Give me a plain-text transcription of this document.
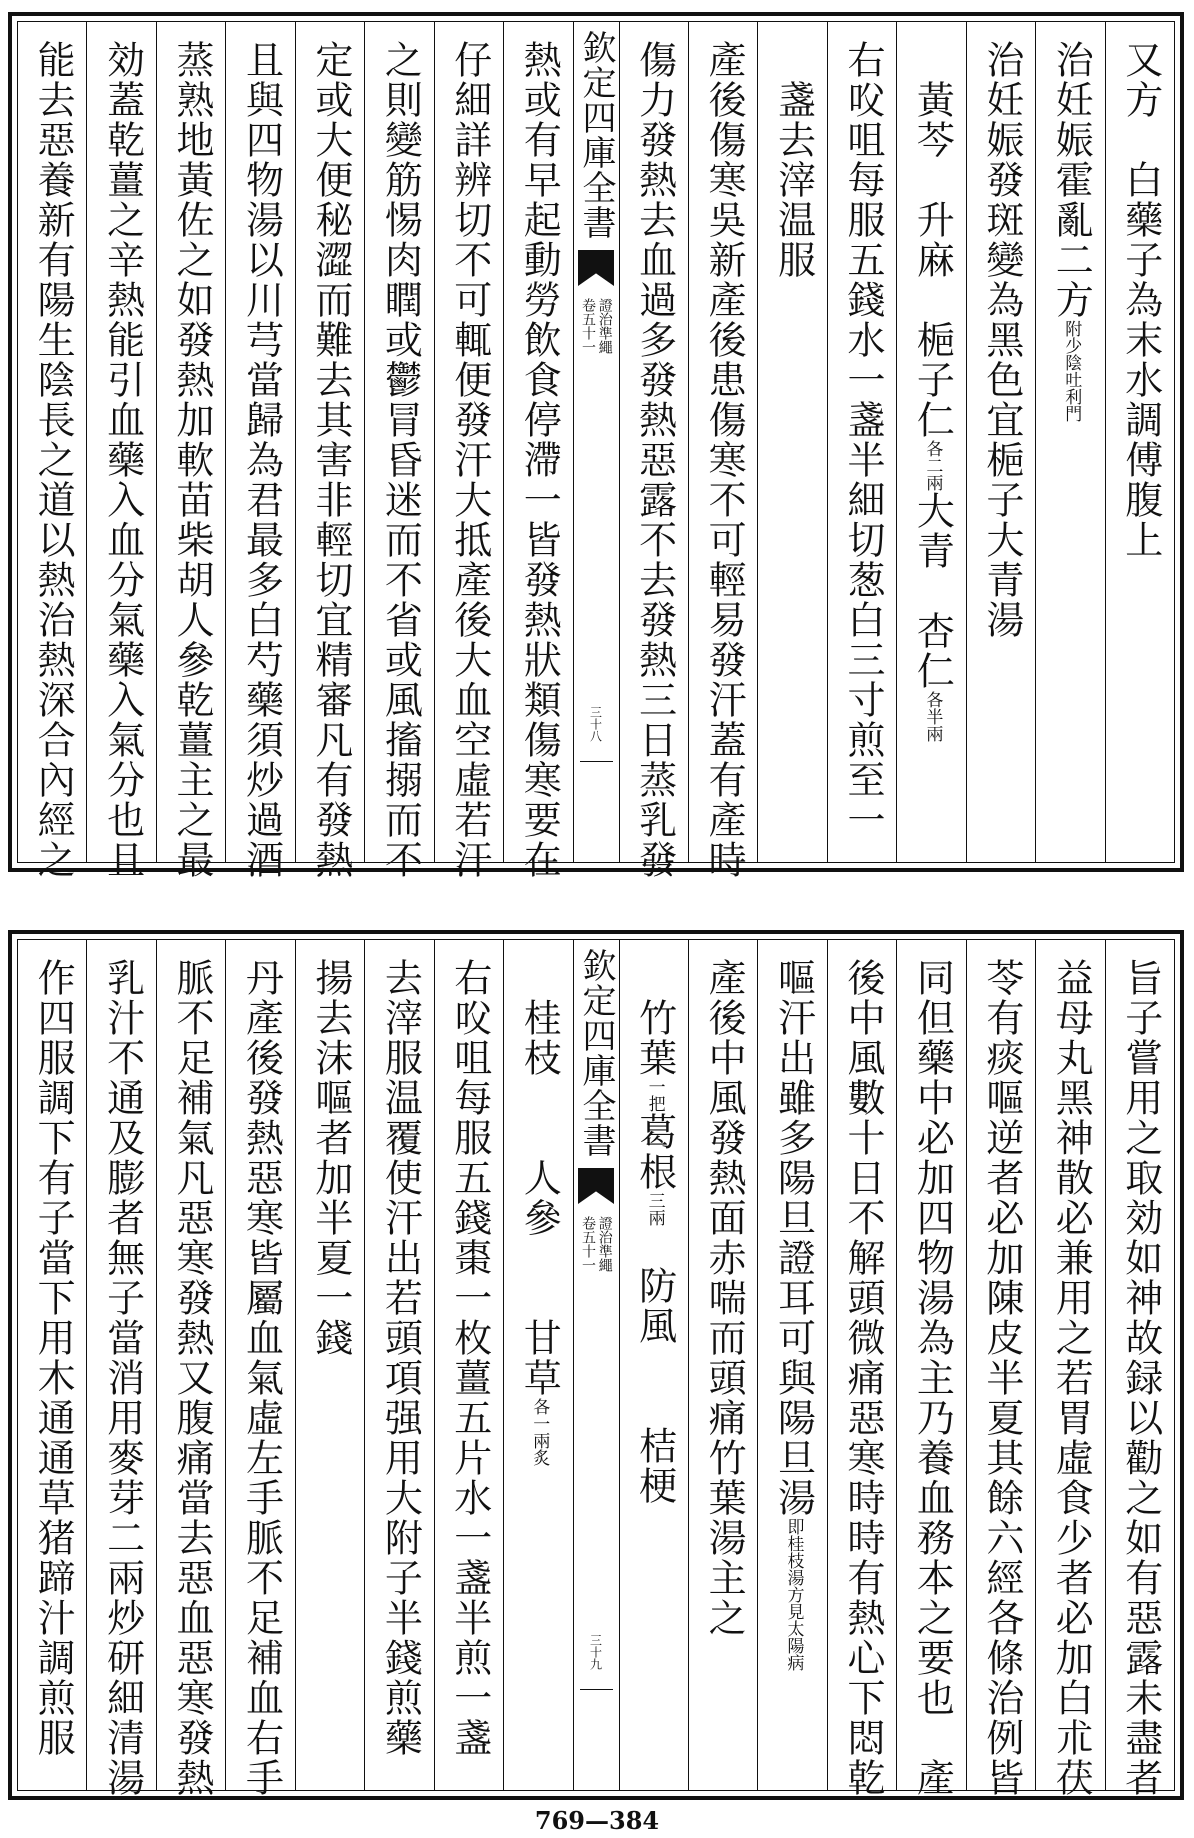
又方　白藥子為末水調傅腹上
治妊娠霍亂二方附少陰吐利門
治妊娠發斑變為黑色宜梔子大青湯
　黃芩　升麻　梔子仁各二兩大青　杏仁各半兩
右㕮咀每服五錢水一盞半細切葱白三寸煎至一
　盞去滓温服
產後傷寒吳新產後患傷寒不可輕易發汗蓋有產時
傷力發熱去血過多發熱惡露不去發熱三日蒸乳發
欽定四庫全書
證治準繩
卷五十一
三十八
熱或有早起動勞飲食停滯一皆發熱狀類傷寒要在
仔細詳辨切不可輒便發汗大抵產後大血空虛若汗
之則變筋惕肉瞤或鬱冐昏迷而不省或風搐搦而不
定或大便秘澀而難去其害非輕切宜精審凡有發熱
且與四物湯以川芎當歸為君最多白芍藥須炒過酒
蒸熟地黃佐之如發熱加軟苗柴胡人參乾薑主之最
効蓋乾薑之辛熱能引血藥入血分氣藥入氣分也且
能去惡養新有陽生陰長之道以熱治熱深合內經之
旨子嘗用之取効如神故録以勸之如有惡露未盡者
益母丸黑神散必兼用之若胃虛食少者必加白朮茯
苓有痰嘔逆者必加陳皮半夏其餘六經各條治例皆
同但藥中必加四物湯為主乃養血務本之要也　產
後中風數十日不解頭微痛惡寒時時有熱心下悶乾
嘔汗出雖多陽旦證耳可與陽旦湯即桂枝湯方見太陽病
產後中風發熱面赤喘而頭痛竹葉湯主之
　竹葉一把葛根三兩　防風　　桔梗
欽定四庫全書
證治準繩
卷五十一
三十九
　桂枝　　人參　　甘草各一兩炙
右㕮咀每服五錢棗一枚薑五片水一盞半煎一盞
去滓服温覆使汗出若頭項强用大附子半錢煎藥
揚去沫嘔者加半夏一錢
丹產後發熱惡寒皆屬血氣虛左手脈不足補血右手
脈不足補氣凡惡寒發熱又腹痛當去惡血惡寒發熱
乳汁不通及膨者無子當消用麥芽二兩炒研細清湯
作四服調下有子當下用木通通草猪蹄汁調煎服
769—384
